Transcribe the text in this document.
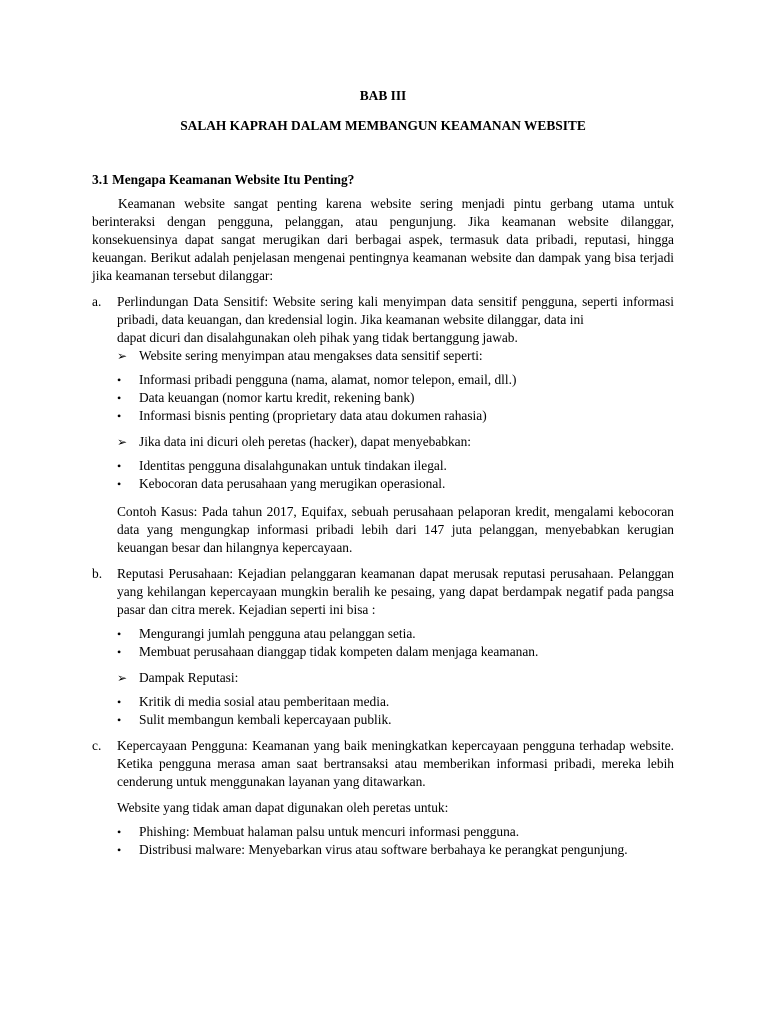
BAB III
SALAH KAPRAH DALAM MEMBANGUN KEAMANAN WEBSITE
3.1 Mengapa Keamanan Website Itu Penting?

Keamanan website sangat penting karena website sering menjadi pintu gerbang utama untuk berinteraksi dengan pengguna, pelanggan, atau pengunjung. Jika keamanan website dilanggar, konsekuensinya dapat sangat merugikan dari berbagai aspek, termasuk data pribadi, reputasi, hingga keuangan. Berikut adalah penjelasan mengenai pentingnya keamanan website dan dampak yang bisa terjadi jika keamanan tersebut dilanggar:

a. Perlindungan Data Sensitif: Website sering kali menyimpan data sensitif pengguna, seperti informasi pribadi, data keuangan, dan kredensial login. Jika keamanan website dilanggar, data ini

dapat dicuri dan disalahgunakan oleh pihak yang tidak bertanggung jawab.

➢ Website sering menyimpan atau mengakses data sensitif seperti:
• Informasi pribadi pengguna (nama, alamat, nomor telepon, email, dll.)
• Data keuangan (nomor kartu kredit, rekening bank)
• Informasi bisnis penting (proprietary data atau dokumen rahasia)
➢ Jika data ini dicuri oleh peretas (hacker), dapat menyebabkan:
• Identitas pengguna disalahgunakan untuk tindakan ilegal.
• Kebocoran data perusahaan yang merugikan operasional.

Contoh Kasus: Pada tahun 2017, Equifax, sebuah perusahaan pelaporan kredit, mengalami kebocoran data yang mengungkap informasi pribadi lebih dari 147 juta pelanggan, menyebabkan kerugian keuangan besar dan hilangnya kepercayaan.

b. Reputasi Perusahaan: Kejadian pelanggaran keamanan dapat merusak reputasi perusahaan. Pelanggan yang kehilangan kepercayaan mungkin beralih ke pesaing, yang dapat berdampak negatif pada pangsa pasar dan citra merek. Kejadian seperti ini bisa :

• Mengurangi jumlah pengguna atau pelanggan setia.
• Membuat perusahaan dianggap tidak kompeten dalam menjaga keamanan.
➢ Dampak Reputasi:
• Kritik di media sosial atau pemberitaan media.
• Sulit membangun kembali kepercayaan publik.
c. Kepercayaan Pengguna: Keamanan yang baik meningkatkan kepercayaan pengguna terhadap website. Ketika pengguna merasa aman saat bertransaksi atau memberikan informasi pribadi, mereka lebih cenderung untuk menggunakan layanan yang ditawarkan.

Website yang tidak aman dapat digunakan oleh peretas untuk:

• Phishing: Membuat halaman palsu untuk mencuri informasi pengguna.
• Distribusi malware: Menyebarkan virus atau software berbahaya ke perangkat pengunjung.
